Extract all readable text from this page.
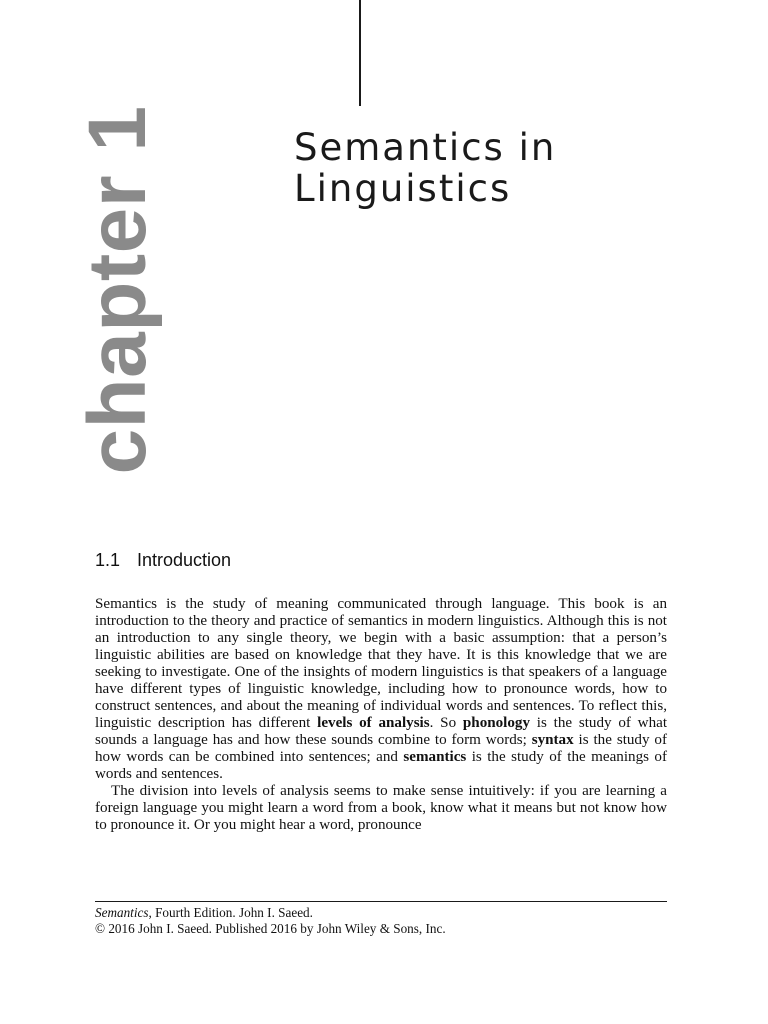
chapter 1	Semantics in
Linguistics
1.1 Introduction

Semantics is the study of meaning communicated through language. This book is an introduction to the theory and practice of semantics in modern linguistics. Although this is not an introduction to any single theory, we begin with a basic assumption: that a person’s linguistic abilities are based on knowledge that they have. It is this knowledge that we are seeking to investigate. One of the insights of modern linguistics is that speakers of a language have different types of linguistic knowledge, including how to pronounce words, how to construct sentences, and about the meaning of individual words and sentences. To reflect this, linguistic description has different levels of analysis. So phonology is the study of what sounds a language has and how these sounds combine to form words; syntax is the study of how words can be combined into sentences; and semantics is the study of the meanings of words and sentences.

The division into levels of analysis seems to make sense intuitively: if you are learning a foreign language you might learn a word from a book, know what it means but not know how to pronounce it. Or you might hear a word, pronounce

Semantics, Fourth Edition. John I. Saeed.
© 2016 John I. Saeed. Published 2016 by John Wiley & Sons, Inc.
